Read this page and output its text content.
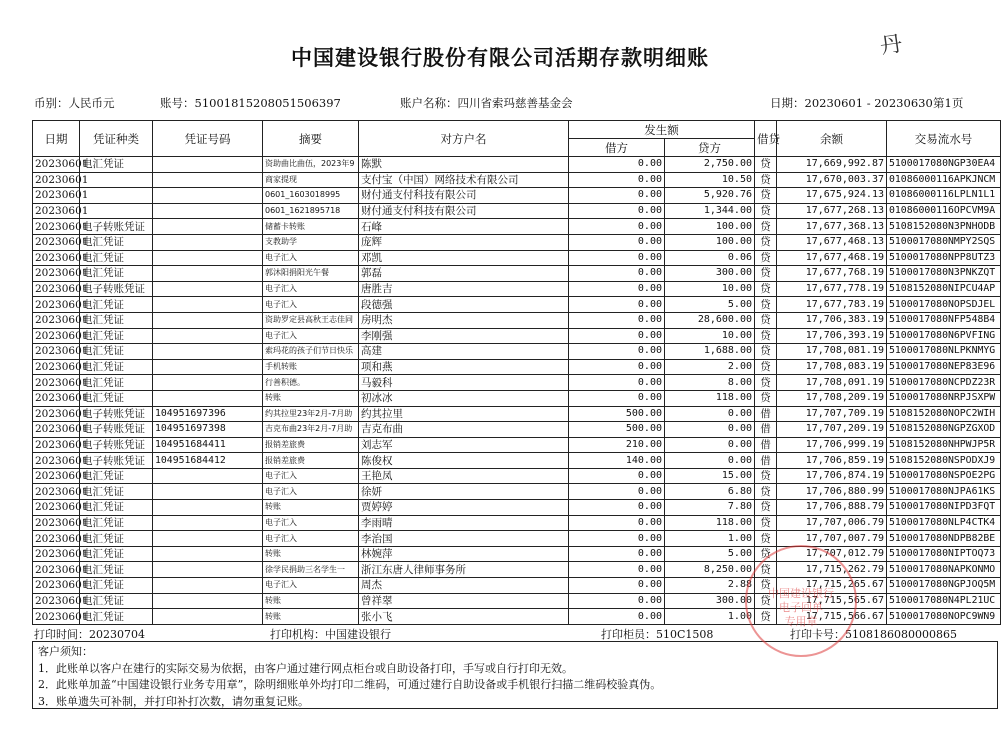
中国建设银行股份有限公司活期存款明细账	丹
币别：人民币元	账号：51001815208051506397	账户名称：四川省索玛慈善基金会	日期：20230601 - 20230630 第1页
日期	凭证种类	凭证号码	摘要	对方户名	发生额		借贷	余额	交易流水号
					借方	贷方			
20230601	电汇凭证		资助曲比曲伍，2023年9	陈默	0.00	2,750.00	贷	17,669,992.87	5100017080NGP30EA4
20230601			商家提现	支付宝（中国）网络技术有限公司	0.00	10.50	贷	17,670,003.37	01086000116APKJNCM
20230601			0601_1603018995	财付通支付科技有限公司	0.00	5,920.76	贷	17,675,924.13	01086000116LPLN1L1
20230601			0601_1621895718	财付通支付科技有限公司	0.00	1,344.00	贷	17,677,268.13	01086000116OPCVM9A
20230601	电子转账凭证		储蓄卡转账	石峰	0.00	100.00	贷	17,677,368.13	5108152080N3PNHODB
20230601	电汇凭证		支教助学	庞辉	0.00	100.00	贷	17,677,468.13	5100017080NMPY2SQS
20230601	电汇凭证		电子汇入	邓凯	0.00	0.06	贷	17,677,468.19	5100017080NPP8UTZ3
20230601	电汇凭证		郭沐阳捐阳光午餐	郭磊	0.00	300.00	贷	17,677,768.19	5100017080N3PNKZQT
20230601	电子转账凭证		电子汇入	唐胜吉	0.00	10.00	贷	17,677,778.19	5108152080NIPCU4AP
20230601	电汇凭证		电子汇入	段德强	0.00	5.00	贷	17,677,783.19	5100017080NOPSDJEL
20230601	电汇凭证		资助罗定县高秋王志佳同	房明杰	0.00	28,600.00	贷	17,706,383.19	5100017080NFP548B4
20230601	电汇凭证		电子汇入	李刚强	0.00	10.00	贷	17,706,393.19	5100017080N6PVFING
20230601	电汇凭证		索玛花的孩子们节日快乐	高建	0.00	1,688.00	贷	17,708,081.19	5100017080NLPKNMYG
20230601	电汇凭证		手机转账	项和燕	0.00	2.00	贷	17,708,083.19	5100017080NEP83E96
20230601	电汇凭证		行善积德。	马毅科	0.00	8.00	贷	17,708,091.19	5100017080NCPDZ23R
20230601	电汇凭证		转账	初冰冰	0.00	118.00	贷	17,708,209.19	5100017080NRPJSXPW
20230601	电子转账凭证	104951697396	约其拉里23年2月-7月助	约其拉里	500.00	0.00	借	17,707,709.19	5108152080NOPC2WIH
20230601	电子转账凭证	104951697398	吉克布曲23年2月-7月助	吉克布曲	500.00	0.00	借	17,707,209.19	5108152080NGPZGXOD
20230601	电子转账凭证	104951684411	报销差旅费	刘志军	210.00	0.00	借	17,706,999.19	5108152080NHPWJP5R
20230601	电子转账凭证	104951684412	报销差旅费	陈俊权	140.00	0.00	借	17,706,859.19	5108152080NSPODXJ9
20230601	电汇凭证		电子汇入	王艳凤	0.00	15.00	贷	17,706,874.19	5100017080NSPOE2PG
20230601	电汇凭证		电子汇入	徐妍	0.00	6.80	贷	17,706,880.99	5100017080NJPA61KS
20230601	电汇凭证		转账	贾婷婷	0.00	7.80	贷	17,706,888.79	5100017080NIPD3FQT
20230601	电汇凭证		电子汇入	李雨晴	0.00	118.00	贷	17,707,006.79	5100017080NLP4CTK4
20230601	电汇凭证		电子汇入	李治国	0.00	1.00	贷	17,707,007.79	5100017080NDPB82BE
20230601	电汇凭证		转账	林婉萍	0.00	5.00	贷	17,707,012.79	5100017080NIPTOQ73
20230601	电汇凭证		徐学民捐助三名学生一	浙江东唐人律师事务所	0.00	8,250.00	贷	17,715,262.79	5100017080NAPKONMO
20230601	电汇凭证		电子汇入	周杰	0.00	2.88	贷	17,715,265.67	5100017080NGPJOQ5M
20230601	电汇凭证		转账	曾祥翠	0.00	300.00	贷	17,715,565.67	5100017080N4PL21UC
20230601	电汇凭证		转账	张小飞	0.00	1.00	贷	17,715,566.67	5100017080NOPC9WN9
打印时间：20230704	打印机构：中国建设银行	打印柜员：510C1508	打印卡号：5108186080000865
客户须知：
1．此账单以客户在建行的实际交易为依据，由客户通过建行网点柜台或自助设备打印，手写或自行打印无效。
2．此账单加盖“中国建设银行业务专用章”，除明细账单外均打印二维码，可通过建行自助设备或手机银行扫描二维码校验真伪。
3．账单遗失可补制，并打印补打次数，请勿重复记账。
中国建设银行
电子回单
专用章
